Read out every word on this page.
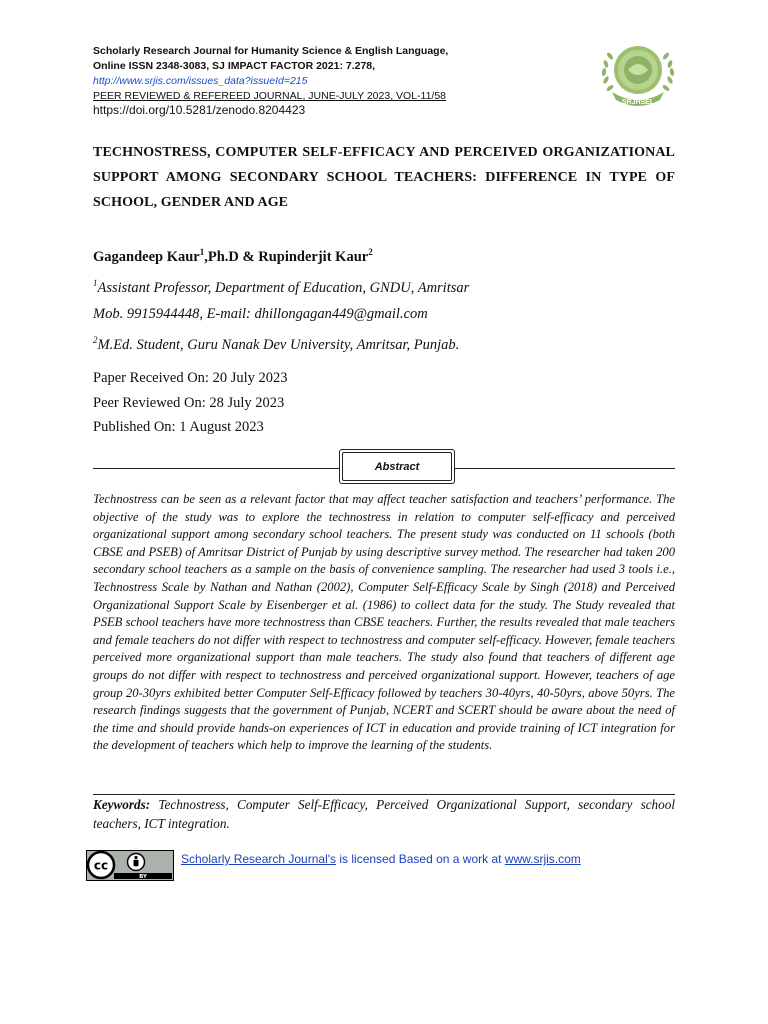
Scholarly Research Journal for Humanity Science & English Language,
Online ISSN 2348-3083, SJ IMPACT FACTOR 2021: 7.278,
http://www.srjis.com/issues_data?issueId=215
PEER REVIEWED & REFEREED JOURNAL, JUNE-JULY 2023, VOL-11/58
https://doi.org/10.5281/zenodo.8204423
SRJHSEL
TECHNOSTRESS, COMPUTER SELF-EFFICACY AND PERCEIVED ORGANIZATIONAL SUPPORT AMONG SECONDARY SCHOOL TEACHERS: DIFFERENCE IN TYPE OF SCHOOL, GENDER AND AGE
Gagandeep Kaur$^1$,Ph.D & Rupinderjit Kaur$^2$
$^1$Assistant Professor, Department of Education, GNDU, Amritsar
Mob. 9915944448, E-mail: dhillongagan449@gmail.com
$^2$M.Ed. Student, Guru Nanak Dev University, Amritsar, Punjab.
Paper Received On: 20 July 2023
Peer Reviewed On: 28 July 2023
Published On: 1 August 2023
Abstract
Technostress can be seen as a relevant factor that may affect teacher satisfaction and teachers’ performance. The objective of the study was to explore the technostress in relation to computer self-efficacy and perceived organizational support among secondary school teachers. The present study was conducted on 11 schools (both CBSE and PSEB) of Amritsar District of Punjab by using descriptive survey method. The researcher had taken 200 secondary school teachers as a sample on the basis of convenience sampling. The researcher had used 3 tools i.e., Technostress Scale by Nathan and Nathan (2002), Computer Self-Efficacy Scale by Singh (2018) and Perceived Organizational Support Scale by Eisenberger et al. (1986) to collect data for the study. The Study revealed that PSEB school teachers have more technostress than CBSE teachers. Further, the results revealed that male teachers and female teachers do not differ with respect to technostress and computer self-efficacy. However, female teachers perceived more organizational support than male teachers. The study also found that teachers of different age groups do not differ with respect to technostress and perceived organizational support. However, teachers of age group 20-30yrs exhibited better Computer Self-Efficacy followed by teachers 30-40yrs, 40-50yrs, above 50yrs. The research findings suggests that the government of Punjab, NCERT and SCERT should be aware about the need of the time and should provide hands-on experiences of ICT in education and provide training of ICT integration for the development of teachers which help to improve the learning of the students.
Keywords: Technostress, Computer Self-Efficacy, Perceived Organizational Support, secondary school teachers, ICT integration.
cc
BY
Scholarly Research Journal's is licensed Based on a work at www.srjis.com
